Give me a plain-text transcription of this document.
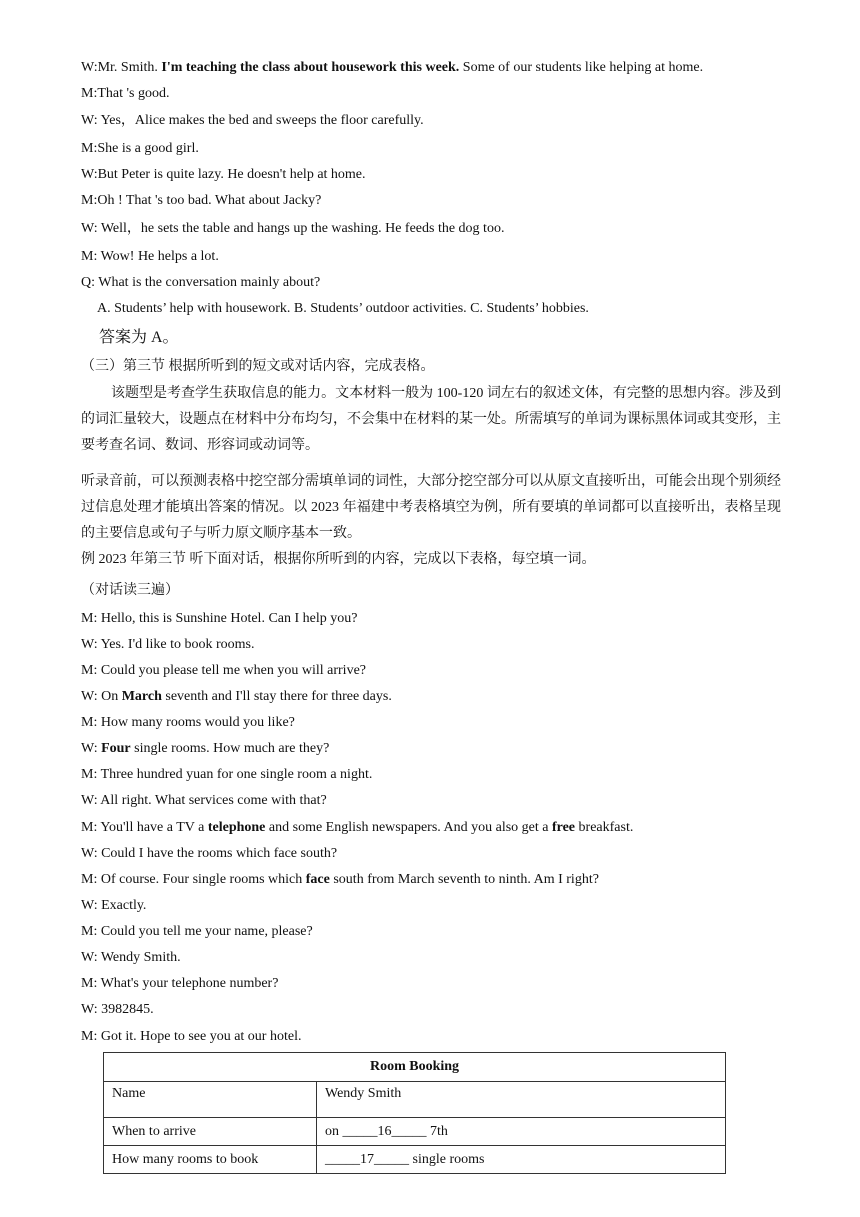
W:Mr. Smith. I'm teaching the class about housework this week. Some of our students like helping at home.
M:That 's good.
W: Yes，Alice makes the bed and sweeps the floor carefully.
M:She is a good girl.
W:But Peter is quite lazy. He doesn't help at home.
M:Oh ! That 's too bad. What about Jacky?
W: Well，he sets the table and hangs up the washing. He feeds the dog too.
M: Wow! He helps a lot.
Q: What is the conversation mainly about?
A. Students’ help with housework. B. Students’ outdoor activities. C. Students’ hobbies.
答案为 A。
（三）第三节 根据所听到的短文或对话内容，完成表格。
该题型是考查学生获取信息的能力。文本材料一般为 100-120 词左右的叙述文体，有完整的思想内容。涉及到的词汇量较大，设题点在材料中分布均匀，不会集中在材料的某一处。所需填写的单词为课标黑体词或其变形，主要考查名词、数词、形容词或动词等。
听录音前，可以预测表格中挖空部分需填单词的词性，大部分挖空部分可以从原文直接听出，可能会出现个别须经过信息处理才能填出答案的情况。以 2023 年福建中考表格填空为例，所有要填的单词都可以直接听出，表格呈现的主要信息或句子与听力原文顺序基本一致。
例 2023 年第三节 听下面对话，根据你所听到的内容，完成以下表格，每空填一词。
（对话读三遍）
M: Hello, this is Sunshine Hotel. Can I help you?
W: Yes. I'd like to book rooms.
M: Could you please tell me when you will arrive?
W: On March seventh and I'll stay there for three days.
M: How many rooms would you like?
W: Four single rooms. How much are they?
M: Three hundred yuan for one single room a night.
W: All right. What services come with that?
M: You'll have a TV a telephone and some English newspapers. And you also get a free breakfast.
W: Could I have the rooms which face south?
M: Of course. Four single rooms which face south from March seventh to ninth. Am I right?
W: Exactly.
M: Could you tell me your name, please?
W: Wendy Smith.
M: What's your telephone number?
W: 3982845.
M: Got it. Hope to see you at our hotel.
Room Booking	
Name	Wendy Smith
When to arrive	on _____16_____ 7th
How many rooms to book	_____17_____ single rooms
